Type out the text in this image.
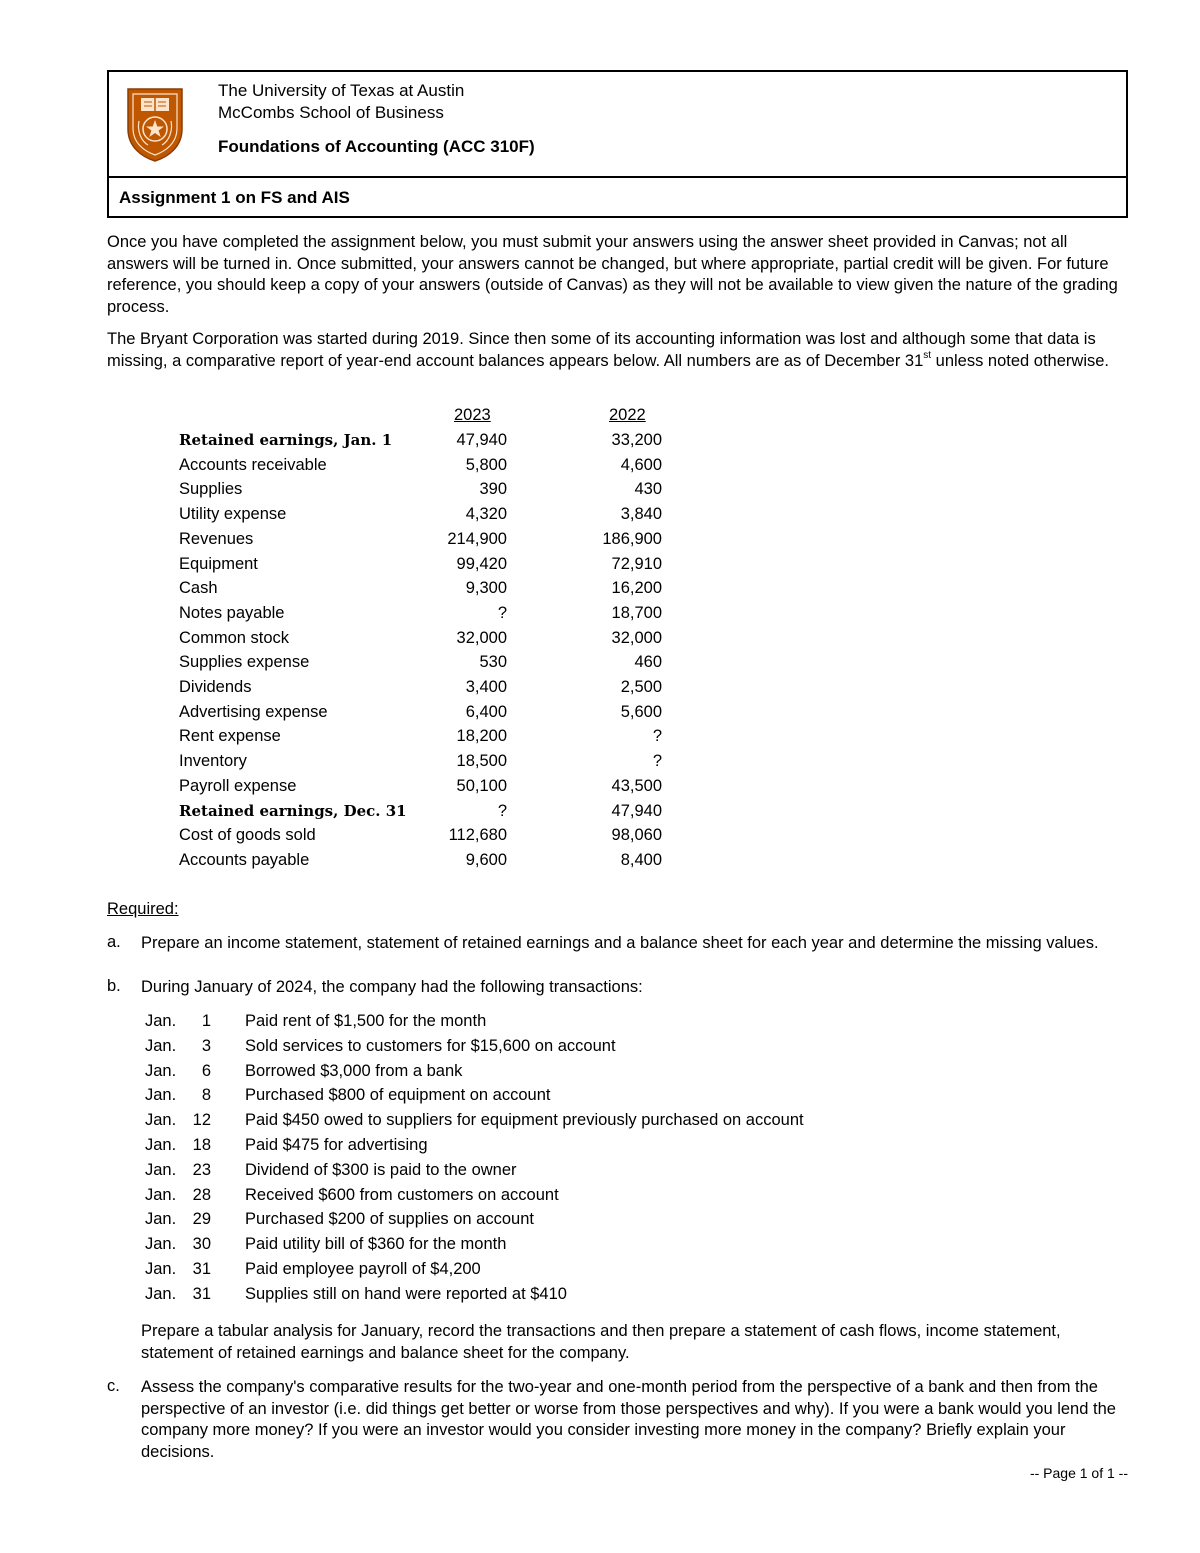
The University of Texas at Austin
McCombs School of Business
Foundations of Accounting (ACC 310F)
Assignment 1 on FS and AIS
Once you have completed the assignment below, you must submit your answers using the answer sheet provided in Canvas; not all answers will be turned in. Once submitted, your answers cannot be changed, but where appropriate, partial credit will be given. For future reference, you should keep a copy of your answers (outside of Canvas) as they will not be available to view given the nature of the grading process.
The Bryant Corporation was started during 2019. Since then some of its accounting information was lost and although some that data is missing, a comparative report of year-end account balances appears below. All numbers are as of December 31st unless noted otherwise.
2023	2022
Retained earnings, Jan. 1	47,940	33,200
Accounts receivable	5,800	4,600
Supplies	390	430
Utility expense	4,320	3,840
Revenues	214,900	186,900
Equipment	99,420	72,910
Cash	9,300	16,200
Notes payable	?	18,700
Common stock	32,000	32,000
Supplies expense	530	460
Dividends	3,400	2,500
Advertising expense	6,400	5,600
Rent expense	18,200	?
Inventory	18,500	?
Payroll expense	50,100	43,500
Retained earnings, Dec. 31	?	47,940
Cost of goods sold	112,680	98,060
Accounts payable	9,600	8,400
Required:
a. Prepare an income statement, statement of retained earnings and a balance sheet for each year and determine the missing values.
b. During January of 2024, the company had the following transactions:
Jan.	1 Paid rent of $1,500 for the month
Jan.	3 Sold services to customers for $15,600 on account
Jan.	6 Borrowed $3,000 from a bank
Jan.	8 Purchased $800 of equipment on account
Jan. 12 Paid $450 owed to suppliers for equipment previously purchased on account
Jan. 18 Paid $475 for advertising
Jan. 23 Dividend of $300 is paid to the owner
Jan. 28 Received $600 from customers on account
Jan. 29 Purchased $200 of supplies on account
Jan. 30 Paid utility bill of $360 for the month
Jan. 31 Paid employee payroll of $4,200
Jan. 31 Supplies still on hand were reported at $410
Prepare a tabular analysis for January, record the transactions and then prepare a statement of cash flows, income statement, statement of retained earnings and balance sheet for the company.
c. Assess the company's comparative results for the two-year and one-month period from the perspective of a bank and then from the perspective of an investor (i.e. did things get better or worse from those perspectives and why). If you were a bank would you lend the company more money? If you were an investor would you consider investing more money in the company? Briefly explain your decisions.
-- Page 1 of 1 --
